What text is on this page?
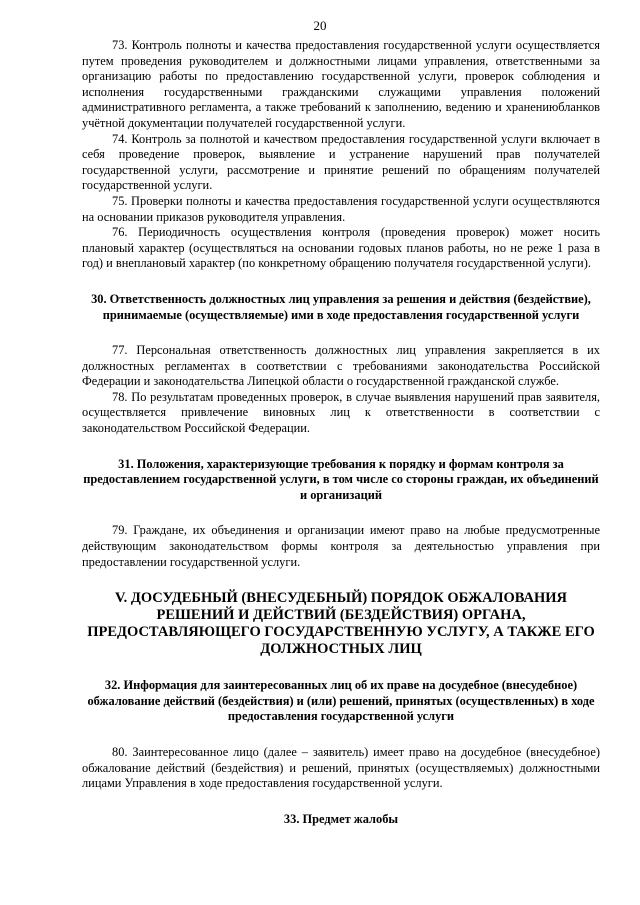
20

73. Контроль полноты и качества предоставления государственной услуги осуществляется путем проведения руководителем и должностными лицами управления, ответственными за организацию работы по предоставлению государственной услуги, проверок соблюдения и исполнения государственными гражданскими служащими управления положений административного регламента, а также требований к заполнению, ведению и хранениюбланков учётной документации получателей государственной услуги.

74. Контроль за полнотой и качеством предоставления государственной услуги включает в себя проведение проверок, выявление и устранение нарушений прав получателей государственной услуги, рассмотрение и принятие решений по обращениям получателей государственной услуги.

75. Проверки полноты и качества предоставления государственной услуги осуществляются на основании приказов руководителя управления.

76. Периодичность осуществления контроля (проведения проверок) может носить плановый характер (осуществляться на основании годовых планов работы, но не реже 1 раза в год) и внеплановый характер (по конкретному обращению получателя государственной услуги).

30. Ответственность должностных лиц управления за решения и действия (бездействие), принимаемые (осуществляемые) ими в ходе предоставления государственной услуги

77. Персональная ответственность должностных лиц управления закрепляется в их должностных регламентах в соответствии с требованиями законодательства Российской Федерации и законодательства Липецкой области о государственной гражданской службе.

78. По результатам проведенных проверок, в случае выявления нарушений прав заявителя, осуществляется привлечение виновных лиц к ответственности в соответствии с законодательством Российской Федерации.

31. Положения, характеризующие требования к порядку и формам контроля за предоставлением государственной услуги, в том числе со стороны граждан, их объединений и организаций

79. Граждане, их объединения и организации имеют право на любые предусмотренные действующим законодательством формы контроля за деятельностью управления при предоставлении государственной услуги.

V. ДОСУДЕБНЫЙ (ВНЕСУДЕБНЫЙ) ПОРЯДОК ОБЖАЛОВАНИЯ РЕШЕНИЙ И ДЕЙСТВИЙ (БЕЗДЕЙСТВИЯ) ОРГАНА, ПРЕДОСТАВЛЯЮЩЕГО ГОСУДАРСТВЕННУЮ УСЛУГУ, А ТАКЖЕ ЕГО ДОЛЖНОСТНЫХ ЛИЦ

32. Информация для заинтересованных лиц об их праве на досудебное (внесудебное) обжалование действий (бездействия) и (или) решений, принятых (осуществленных) в ходе предоставления государственной услуги

80. Заинтересованное лицо (далее – заявитель) имеет право на досудебное (внесудебное) обжалование действий (бездействия) и решений, принятых (осуществляемых) должностными лицами Управления в ходе предоставления государственной услуги.

33. Предмет жалобы
